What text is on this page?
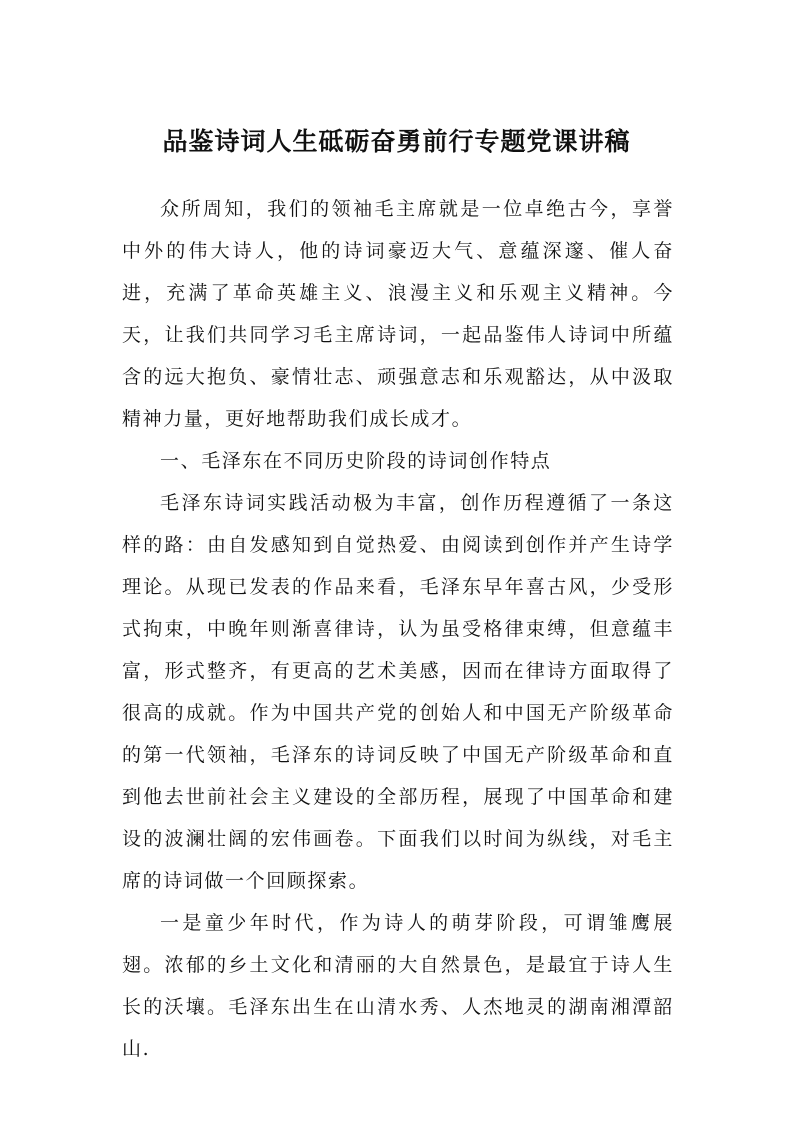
品鉴诗词人生砥砺奋勇前行专题党课讲稿

众所周知，我们的领袖毛主席就是一位卓绝古今，享誉中外的伟大诗人，他的诗词豪迈大气、意蕴深邃、催人奋进，充满了革命英雄主义、浪漫主义和乐观主义精神。今天，让我们共同学习毛主席诗词，一起品鉴伟人诗词中所蕴含的远大抱负、豪情壮志、顽强意志和乐观豁达，从中汲取精神力量，更好地帮助我们成长成才。

一、毛泽东在不同历史阶段的诗词创作特点

毛泽东诗词实践活动极为丰富，创作历程遵循了一条这样的路：由自发感知到自觉热爱、由阅读到创作并产生诗学理论。从现已发表的作品来看，毛泽东早年喜古风，少受形式拘束，中晚年则渐喜律诗，认为虽受格律束缚，但意蕴丰富，形式整齐，有更高的艺术美感，因而在律诗方面取得了很高的成就。作为中国共产党的创始人和中国无产阶级革命的第一代领袖，毛泽东的诗词反映了中国无产阶级革命和直到他去世前社会主义建设的全部历程，展现了中国革命和建设的波澜壮阔的宏伟画卷。下面我们以时间为纵线，对毛主席的诗词做一个回顾探索。

一是童少年时代，作为诗人的萌芽阶段，可谓雏鹰展翅。浓郁的乡土文化和清丽的大自然景色，是最宜于诗人生长的沃壤。毛泽东出生在山清水秀、人杰地灵的湖南湘潭韶山.
